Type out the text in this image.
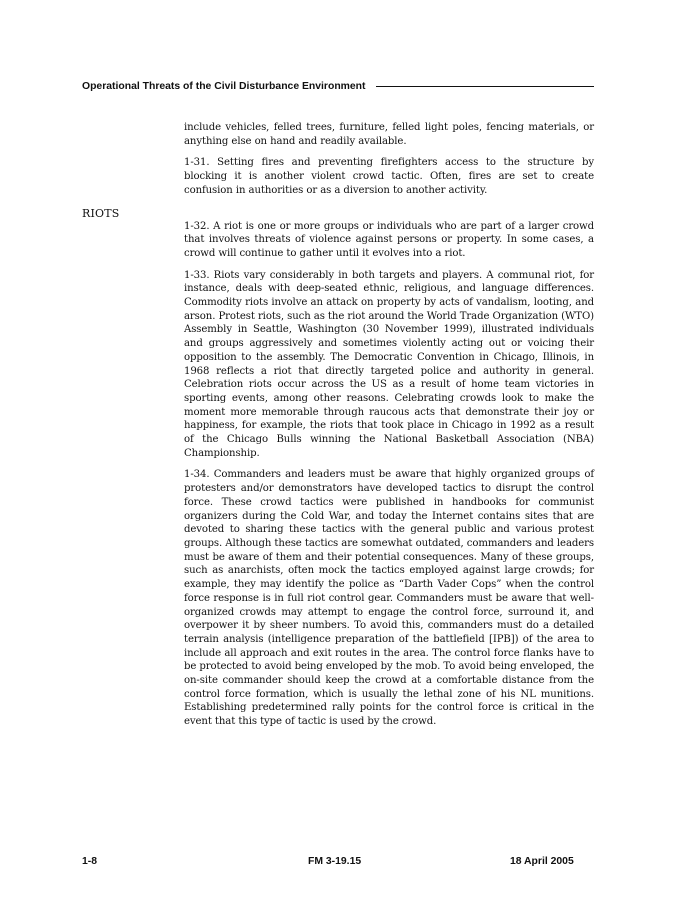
Operational Threats of the Civil Disturbance Environment
RIOTS

include vehicles, felled trees, furniture, felled light poles, fencing materials, or anything else on hand and readily available.

1-31. Setting fires and preventing firefighters access to the structure by blocking it is another violent crowd tactic. Often, fires are set to create confusion in authorities or as a diversion to another activity.

1-32. A riot is one or more groups or individuals who are part of a larger crowd that involves threats of violence against persons or property. In some cases, a crowd will continue to gather until it evolves into a riot.

1-33. Riots vary considerably in both targets and players. A communal riot, for instance, deals with deep-seated ethnic, religious, and language differences. Commodity riots involve an attack on property by acts of vandalism, looting, and arson. Protest riots, such as the riot around the World Trade Organization (WTO) Assembly in Seattle, Washington (30 November 1999), illustrated individuals and groups aggressively and sometimes violently acting out or voicing their opposition to the assembly. The Democratic Convention in Chicago, Illinois, in 1968 reflects a riot that directly targeted police and authority in general. Celebration riots occur across the US as a result of home team victories in sporting events, among other reasons. Celebrating crowds look to make the moment more memorable through raucous acts that demonstrate their joy or happiness, for example, the riots that took place in Chicago in 1992 as a result of the Chicago Bulls winning the National Basketball Association (NBA) Championship.

1-34. Commanders and leaders must be aware that highly organized groups of protesters and/or demonstrators have developed tactics to disrupt the control force. These crowd tactics were published in handbooks for communist organizers during the Cold War, and today the Internet contains sites that are devoted to sharing these tactics with the general public and various protest groups. Although these tactics are somewhat outdated, commanders and leaders must be aware of them and their potential consequences. Many of these groups, such as anarchists, often mock the tactics employed against large crowds; for example, they may identify the police as “Darth Vader Cops” when the control force response is in full riot control gear. Commanders must be aware that well-organized crowds may attempt to engage the control force, surround it, and overpower it by sheer numbers. To avoid this, commanders must do a detailed terrain analysis (intelligence preparation of the battlefield [IPB]) of the area to include all approach and exit routes in the area. The control force flanks have to be protected to avoid being enveloped by the mob. To avoid being enveloped, the on-site commander should keep the crowd at a comfortable distance from the control force formation, which is usually the lethal zone of his NL munitions. Establishing predetermined rally points for the control force is critical in the event that this type of tactic is used by the crowd.

1-8	FM 3-19.15	18 April 2005
